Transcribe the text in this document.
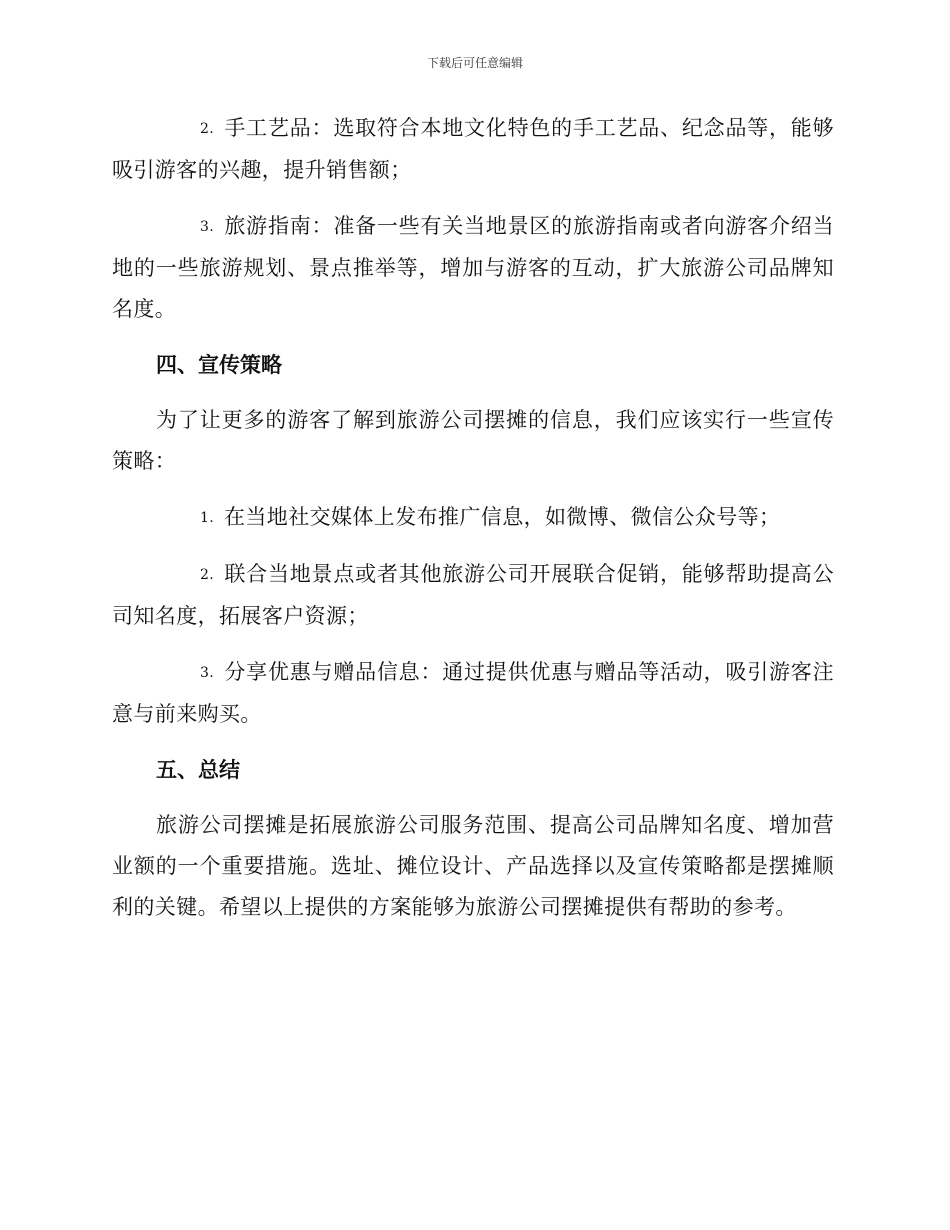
下载后可任意编辑

2. 手工艺品：选取符合本地文化特色的手工艺品、纪念品等，能够吸引游客的兴趣，提升销售额；

3. 旅游指南：准备一些有关当地景区的旅游指南或者向游客介绍当地的一些旅游规划、景点推举等，增加与游客的互动，扩大旅游公司品牌知名度。

四、宣传策略

为了让更多的游客了解到旅游公司摆摊的信息，我们应该实行一些宣传策略：

1. 在当地社交媒体上发布推广信息，如微博、微信公众号等；

2. 联合当地景点或者其他旅游公司开展联合促销，能够帮助提高公司知名度，拓展客户资源；

3. 分享优惠与赠品信息：通过提供优惠与赠品等活动，吸引游客注意与前来购买。

五、总结

旅游公司摆摊是拓展旅游公司服务范围、提高公司品牌知名度、增加营业额的一个重要措施。选址、摊位设计、产品选择以及宣传策略都是摆摊顺利的关键。希望以上提供的方案能够为旅游公司摆摊提供有帮助的参考。
